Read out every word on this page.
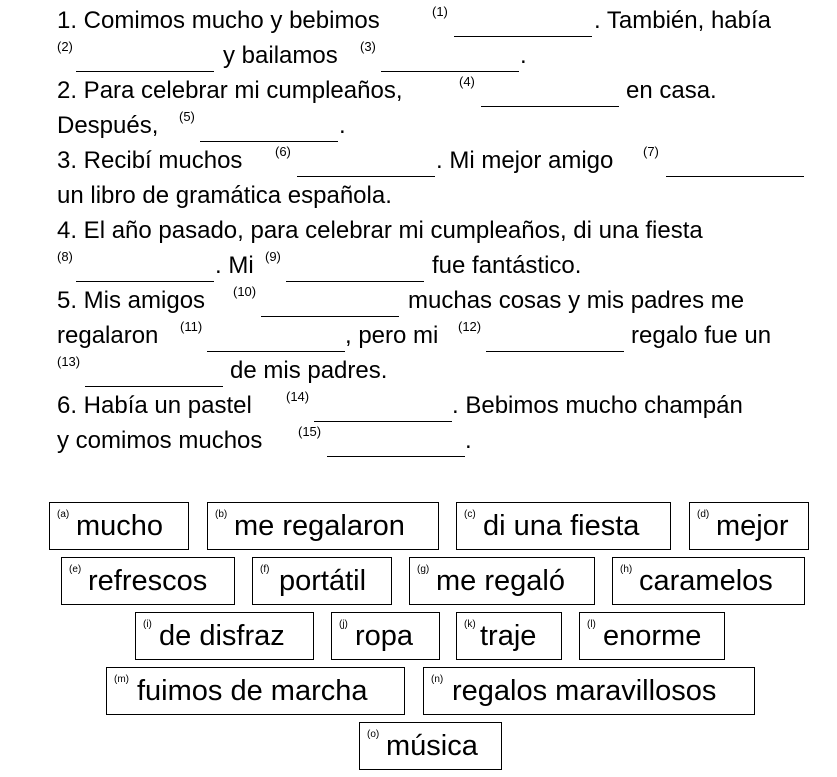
1. Comimos mucho y bebimos	(1)	. También, había
(2)	y bailamos (3)	.
2. Para celebrar mi cumpleaños,	(4)	en casa.
Después, (5)	.
3. Recibí muchos	(6)	. Mi mejor amigo (7)
un libro de gramática española.
4. El año pasado, para celebrar mi cumpleaños, di una fiesta
(8)	. Mi (9)	fue fantástico.
5. Mis amigos (10)	muchas cosas y mis padres me
regalaron (11)	, pero mi (12)	regalo fue un
(13)	de mis padres.
6. Había un pastel	(14)	. Bebimos mucho champán
y comimos muchos	(15)	.
(a) mucho	(b) me regalaron	(c) di una fiesta	(d) mejor
(e) refrescos	(f) portátil	(g) me regaló	(h) caramelos
(i) de disfraz	(j) ropa	(k) traje	(l) enorme
(m) fuimos de marcha	(n) regalos maravillosos
(o) música
